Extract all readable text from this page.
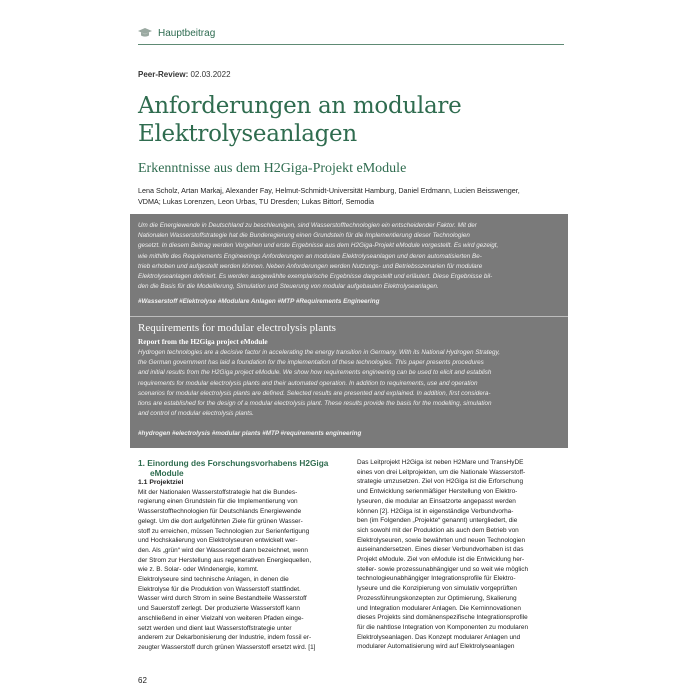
Hauptbeitrag
Peer-Review: 02.03.2022
Anforderungen an modulare
Elektrolyseanlagen
Erkenntnisse aus dem H2Giga-Projekt eModule
Lena Scholz, Artan Markaj, Alexander Fay, Helmut-Schmidt-Universität Hamburg, Daniel Erdmann, Lucien Beisswenger,
VDMA; Lukas Lorenzen, Leon Urbas, TU Dresden; Lukas Bittorf, Semodia
Um die Energiewende in Deutschland zu beschleunigen, sind Wasserstofftechnologien ein entscheidender Faktor. Mit der
Nationalen Wasserstoffstrategie hat die Bunderegierung einen Grundstein für die Implementierung dieser Technologien
gesetzt. In diesem Beitrag werden Vorgehen und erste Ergebnisse aus dem H2Giga-Projekt eModule vorgestellt. Es wird gezeigt,
wie mithilfe des Requirements Engineerings Anforderungen an modulare Elektrolyseanlagen und deren automatisierten Be-
trieb erhoben und aufgestellt werden können. Neben Anforderungen werden Nutzungs- und Betriebsszenarien für modulare
Elektrolyseanlagen definiert. Es werden ausgewählte exemplarische Ergebnisse dargestellt und erläutert. Diese Ergebnisse bil-
den die Basis für die Modellierung, Simulation und Steuerung von modular aufgebauten Elektrolyseanlagen.
#Wasserstoff #Elektrolyse #Modulare Anlagen #MTP #Requirements Engineering
Requirements for modular electrolysis plants
Report from the H2Giga project eModule
Hydrogen technologies are a decisive factor in accelerating the energy transition in Germany. With its National Hydrogen Strategy,
the German government has laid a foundation for the implementation of these technologies. This paper presents procedures
and initial results from the H2Giga project eModule. We show how requirements engineering can be used to elicit and establish
requirements for modular electrolysis plants and their automated operation. In addition to requirements, use and operation
scenarios for modular electrolysis plants are defined. Selected results are presented and explained. In addition, first considera-
tions are established for the design of a modular electrolysis plant. These results provide the basis for the modelling, simulation
and control of modular electrolysis plants.
#hydrogen #electrolysis #modular plants #MTP #requirements engineering
1. Einordung des Forschungsvorhabens H2Giga
eModule
1.1 Projektziel
Mit der Nationalen Wasserstoffstrategie hat die Bundes-
regierung einen Grundstein für die Implementierung von
Wasserstofftechnologien für Deutschlands Energiewende
gelegt. Um die dort aufgeführten Ziele für grünen Wasser-
stoff zu erreichen, müssen Technologien zur Serienfertigung
und Hochskalierung von Elektrolyseuren entwickelt wer-
den. Als „grün“ wird der Wasserstoff dann bezeichnet, wenn
der Strom zur Herstellung aus regenerativen Energiequellen,
wie z. B. Solar- oder Windenergie, kommt.
Elektrolyseure sind technische Anlagen, in denen die
Elektrolyse für die Produktion von Wasserstoff stattfindet.
Wasser wird durch Strom in seine Bestandteile Wasserstoff
und Sauerstoff zerlegt. Der produzierte Wasserstoff kann
anschließend in einer Vielzahl von weiteren Pfaden einge-
setzt werden und dient laut Wasserstoffstrategie unter
anderem zur Dekarbonisierung der Industrie, indem fossil er-
zeugter Wasserstoff durch grünen Wasserstoff ersetzt wird. [1]
Das Leitprojekt H2Giga ist neben H2Mare und TransHyDE
eines von drei Leitprojekten, um die Nationale Wasserstoff-
strategie umzusetzen. Ziel von H2Giga ist die Erforschung
und Entwicklung serienmäßiger Herstellung von Elektro-
lyseuren, die modular an Einsatzorte angepasst werden
können [2]. H2Giga ist in eigenständige Verbundvorha-
ben (im Folgenden „Projekte“ genannt) untergliedert, die
sich sowohl mit der Produktion als auch dem Betrieb von
Elektrolyseuren, sowie bewährten und neuen Technologien
auseinandersetzen. Eines dieser Verbundvorhaben ist das
Projekt eModule. Ziel von eModule ist die Entwicklung her-
steller- sowie prozessunabhängiger und so weit wie möglich
technologieunabhängiger Integrationsprofile für Elektro-
lyseure und die Konzipierung von simulativ vorgeprüften
Prozessführungskonzepten zur Optimierung, Skalierung
und Integration modularer Anlagen. Die Kerninnovationen
dieses Projekts sind domänenspezifische Integrationsprofile
für die nahtlose Integration von Komponenten zu modularen
Elektrolyseanlagen. Das Konzept modularer Anlagen und
modularer Automatisierung wird auf Elektrolyseanlagen
62
